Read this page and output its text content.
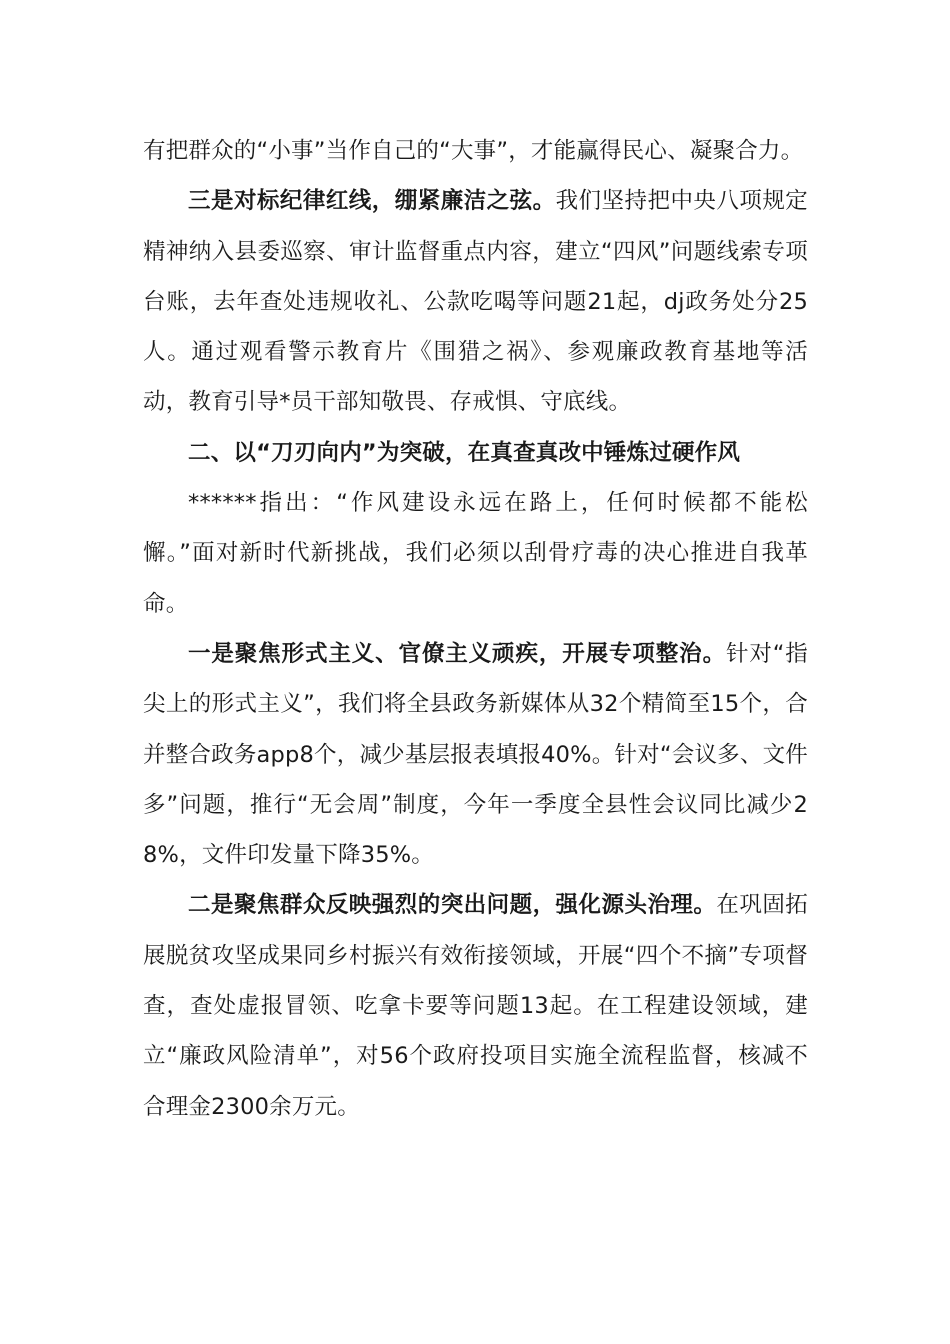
有把群众的“小事”当作自己的“大事”，才能赢得民心、凝聚合力。

三是对标纪律红线，绷紧廉洁之弦。我们坚持把中央八项规定精神纳入县委巡察、审计监督重点内容，建立“四风”问题线索专项台账，去年查处违规收礼、公款吃喝等问题21起，dj政务处分25人。通过观看警示教育片《围猎之祸》、参观廉政教育基地等活动，教育引导*员干部知敬畏、存戒惧、守底线。

二、以“刀刃向内”为突破，在真查真改中锤炼过硬作风

******指出：“作风建设永远在路上，任何时候都不能松懈。”面对新时代新挑战，我们必须以刮骨疗毒的决心推进自我革命。

一是聚焦形式主义、官僚主义顽疾，开展专项整治。针对“指尖上的形式主义”，我们将全县政务新媒体从32个精简至15个，合并整合政务app8个，减少基层报表填报40%。针对“会议多、文件多”问题，推行“无会周”制度，今年一季度全县性会议同比减少28%，文件印发量下降35%。

二是聚焦群众反映强烈的突出问题，强化源头治理。在巩固拓展脱贫攻坚成果同乡村振兴有效衔接领域，开展“四个不摘”专项督查，查处虚报冒领、吃拿卡要等问题13起。在工程建设领域，建立“廉政风险清单”，对56个政府投项目实施全流程监督，核减不合理金2300余万元。
